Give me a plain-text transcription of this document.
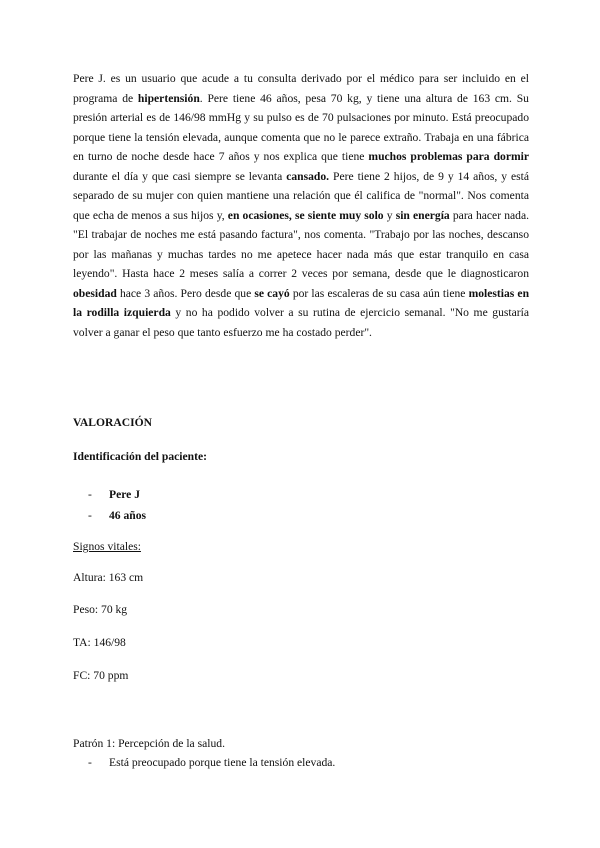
Pere J. es un usuario que acude a tu consulta derivado por el médico para ser incluido en el programa de hipertensión. Pere tiene 46 años, pesa 70 kg, y tiene una altura de 163 cm. Su presión arterial es de 146/98 mmHg y su pulso es de 70 pulsaciones por minuto. Está preocupado porque tiene la tensión elevada, aunque comenta que no le parece extraño. Trabaja en una fábrica en turno de noche desde hace 7 años y nos explica que tiene muchos problemas para dormir durante el día y que casi siempre se levanta cansado. Pere tiene 2 hijos, de 9 y 14 años, y está separado de su mujer con quien mantiene una relación que él califica de "normal". Nos comenta que echa de menos a sus hijos y, en ocasiones, se siente muy solo y sin energía para hacer nada. "El trabajar de noches me está pasando factura", nos comenta. "Trabajo por las noches, descanso por las mañanas y muchas tardes no me apetece hacer nada más que estar tranquilo en casa leyendo". Hasta hace 2 meses salía a correr 2 veces por semana, desde que le diagnosticaron obesidad hace 3 años. Pero desde que se cayó por las escaleras de su casa aún tiene molestias en la rodilla izquierda y no ha podido volver a su rutina de ejercicio semanal. "No me gustaría volver a ganar el peso que tanto esfuerzo me ha costado perder".

VALORACIÓN

Identificación del paciente:

- Pere J
- 46 años

Signos vitales:

Altura: 163 cm

Peso: 70 kg

TA: 146/98

FC: 70 ppm

Patrón 1: Percepción de la salud.

- Está preocupado porque tiene la tensión elevada.
